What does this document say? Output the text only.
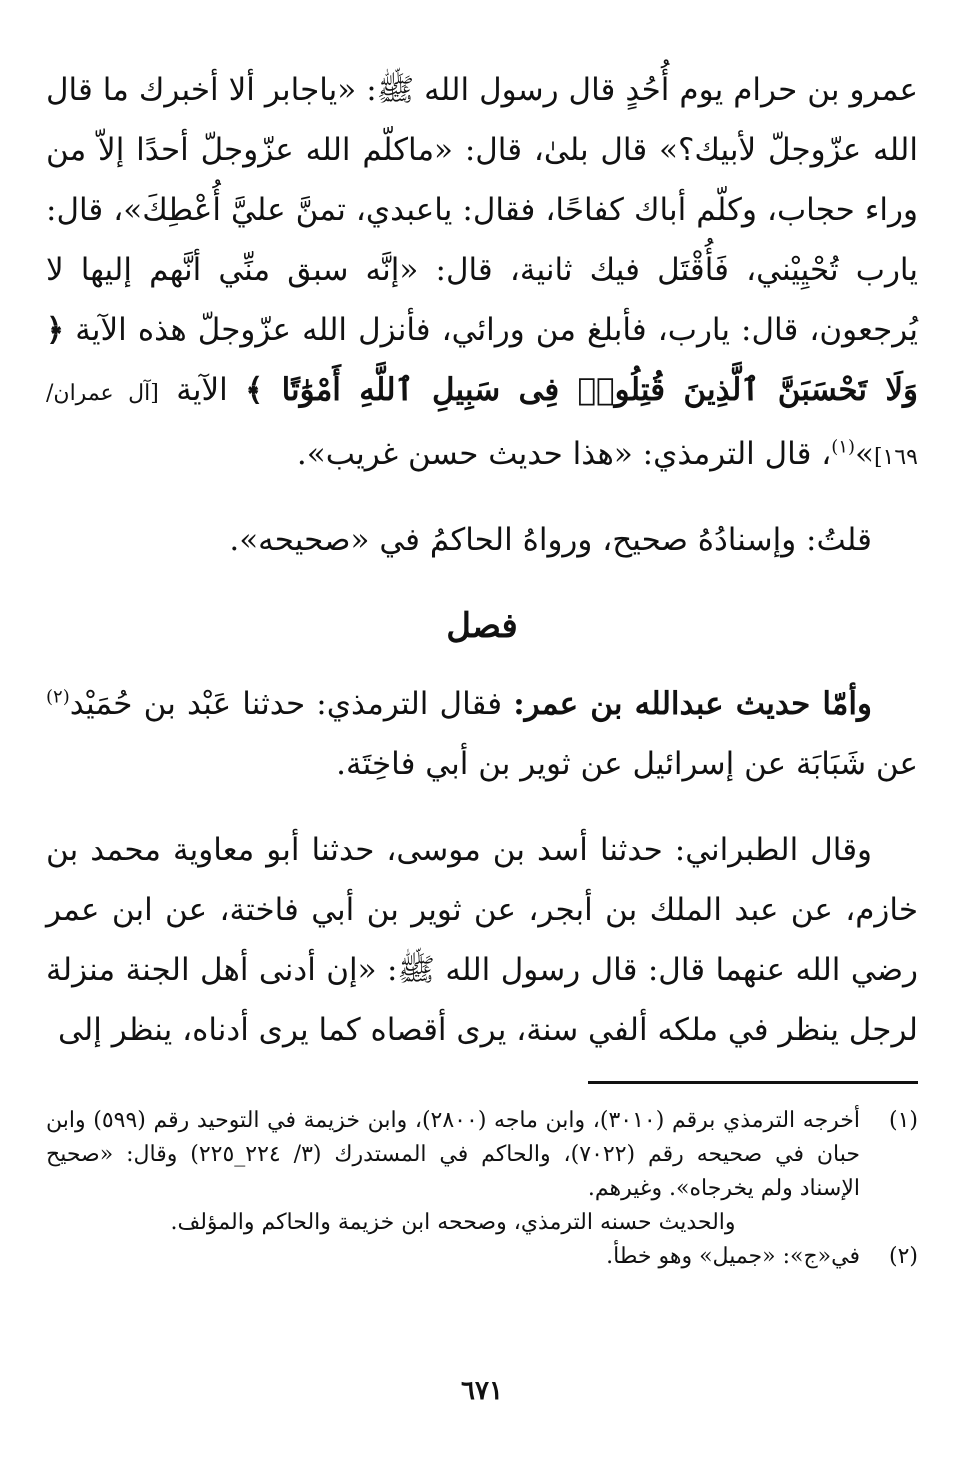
عمرو بن حرام يوم أُحُدٍ قال رسول الله ﷺ: «ياجابر ألا أخبرك ما قال الله عزّوجلّ لأبيك؟» قال بلىٰ، قال: «ماكلّم الله عزّوجلّ أحدًا إلاّ من وراء حجاب، وكلّم أباك كفاحًا، فقال: ياعبدي، تمنَّ عليَّ أُعْطِكَ»، قال: يارب تُحْيِيْني، فَأُقْتَل فيك ثانية، قال: «إنَّه سبق منِّي أنَّهم إليها لا يُرجعون، قال: يارب، فأبلغ من ورائي، فأنزل الله عزّوجلّ هذه الآية ﴿ وَلَا تَحْسَبَنَّ ٱلَّذِينَ قُتِلُوا۟ فِى سَبِيلِ ٱللَّهِ أَمْوَٰتًا ﴾ الآية [آل عمران/ ١٦٩]»$^{(١)}$، قال الترمذي: «هذا حديث حسن غريب».

قلتُ: وإسنادُهُ صحيح، ورواهُ الحاكمُ في «صحيحه».

فصل

وأمّا حديث عبدالله بن عمر: فقال الترمذي: حدثنا عَبْد بن حُمَيْد$^{(٢)}$ عن شَبَابَة عن إسرائيل عن ثوير بن أبي فاخِتَة.

وقال الطبراني: حدثنا أسد بن موسى، حدثنا أبو معاوية محمد بن خازم، عن عبد الملك بن أبجر، عن ثوير بن أبي فاختة، عن ابن عمر رضي الله عنهما قال: قال رسول الله ﷺ: «إن أدنى أهل الجنة منزلة لرجل ينظر في ملكه ألفي سنة، يرى أقصاه كما يرى أدناه، ينظر إلى

(١)
أخرجه الترمذي برقم (٣٠١٠)، وابن ماجه (٢٨٠٠)، وابن خزيمة في التوحيد رقم (٥٩٩) وابن حبان في صحيحه رقم (٧٠٢٢)، والحاكم في المستدرك (٣/ ٢٢٤_٢٢٥) وقال: «صحيح الإسناد ولم يخرجاه». وغيرهم.
والحديث حسنه الترمذي، وصححه ابن خزيمة والحاكم والمؤلف.
(٢)
في«ج»: «جميل» وهو خطأ.
٦٧١
